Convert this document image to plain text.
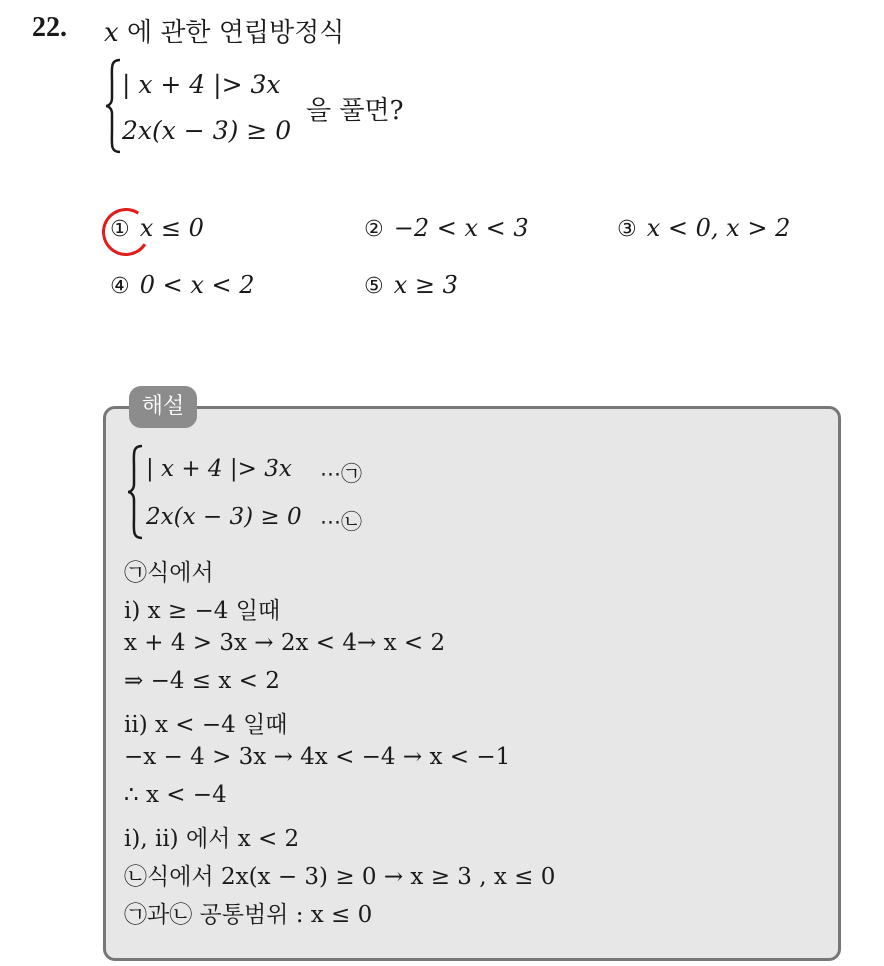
22. x 에 관한 연립방정식
| x + 4 |> 3x
2x(x − 3) ≥ 0
을 풀면?
① x ≤ 0	② −2 < x < 3	③ x < 0, x > 2
④ 0 < x < 2	⑤ x ≥ 3
해설
| x + 4 |> 3x ⋯㉠
2x(x − 3) ≥ 0 ⋯㉡
㉠식에서
ⅰ) x ≥ −4 일때
x + 4 > 3x → 2x < 4→ x < 2
⇒ −4 ≤ x < 2
ⅱ) x < −4 일때
−x − 4 > 3x → 4x < −4 → x < −1
∴ x < −4
ⅰ), ⅱ) 에서 x < 2
㉡식에서 2x(x − 3) ≥ 0 → x ≥ 3 , x ≤ 0
㉠과㉡ 공통범위 : x ≤ 0
